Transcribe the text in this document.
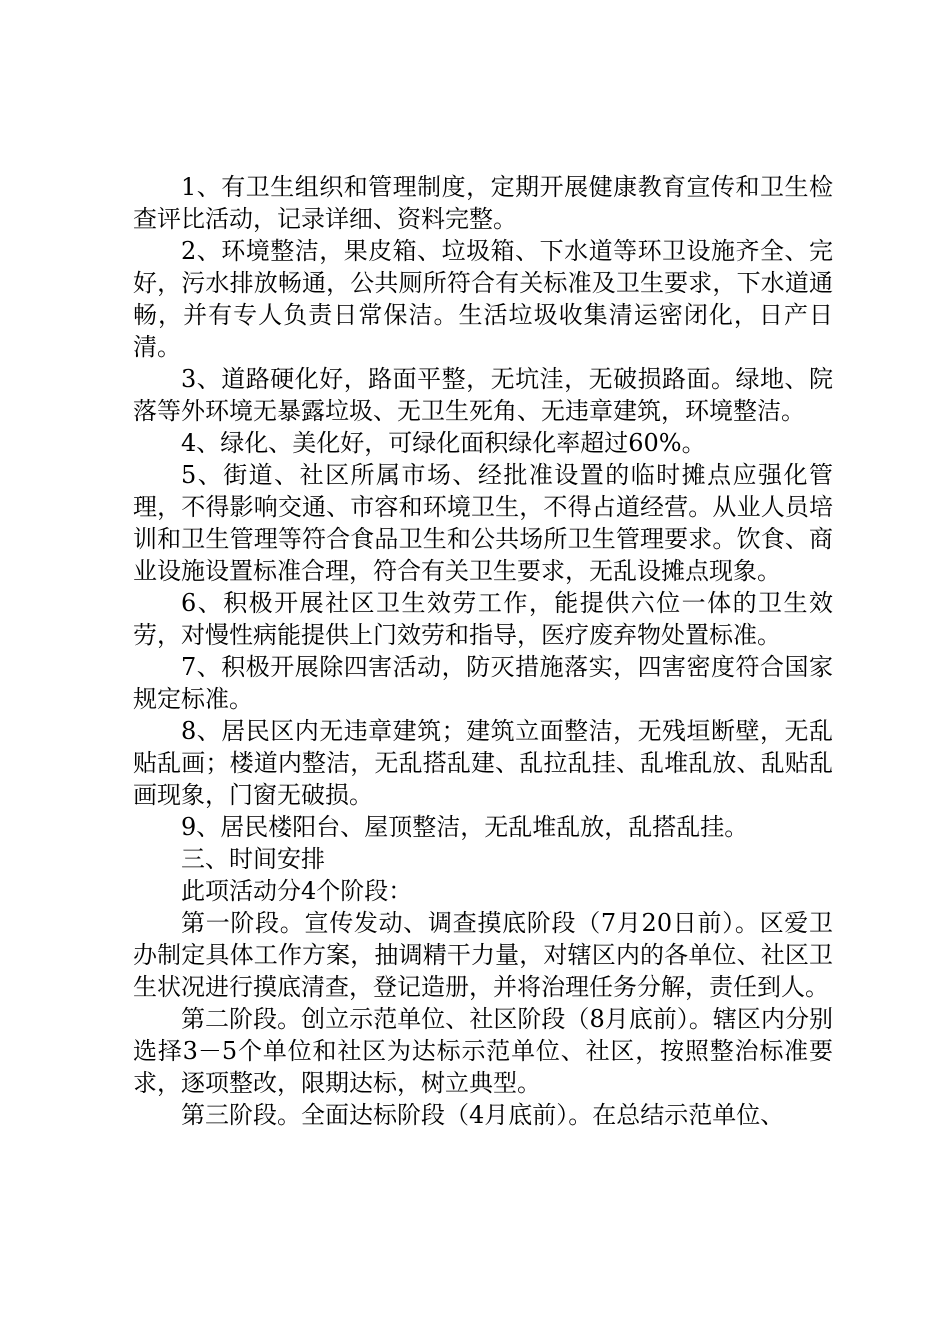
1、有卫生组织和管理制度，定期开展健康教育宣传和卫生检查评比活动，记录详细、资料完整。

2、环境整洁，果皮箱、垃圾箱、下水道等环卫设施齐全、完好，污水排放畅通，公共厕所符合有关标准及卫生要求，下水道通畅，并有专人负责日常保洁。生活垃圾收集清运密闭化，日产日清。

3、道路硬化好，路面平整，无坑洼，无破损路面。绿地、院落等外环境无暴露垃圾、无卫生死角、无违章建筑，环境整洁。

4、绿化、美化好，可绿化面积绿化率超过60%。

5、街道、社区所属市场、经批准设置的临时摊点应强化管理，不得影响交通、市容和环境卫生，不得占道经营。从业人员培训和卫生管理等符合食品卫生和公共场所卫生管理要求。饮食、商业设施设置标准合理，符合有关卫生要求，无乱设摊点现象。

6、积极开展社区卫生效劳工作，能提供六位一体的卫生效劳，对慢性病能提供上门效劳和指导，医疗废弃物处置标准。

7、积极开展除四害活动，防灭措施落实，四害密度符合国家规定标准。

8、居民区内无违章建筑；建筑立面整洁，无残垣断壁，无乱贴乱画；楼道内整洁，无乱搭乱建、乱拉乱挂、乱堆乱放、乱贴乱画现象，门窗无破损。

9、居民楼阳台、屋顶整洁，无乱堆乱放，乱搭乱挂。

三、时间安排

此项活动分4个阶段：

第一阶段。宣传发动、调查摸底阶段（7月20日前）。区爱卫办制定具体工作方案，抽调精干力量，对辖区内的各单位、社区卫生状况进行摸底清查，登记造册，并将治理任务分解，责任到人。

第二阶段。创立示范单位、社区阶段（8月底前）。辖区内分别选择3－5个单位和社区为达标示范单位、社区，按照整治标准要求，逐项整改，限期达标，树立典型。

第三阶段。全面达标阶段（4月底前）。在总结示范单位、
